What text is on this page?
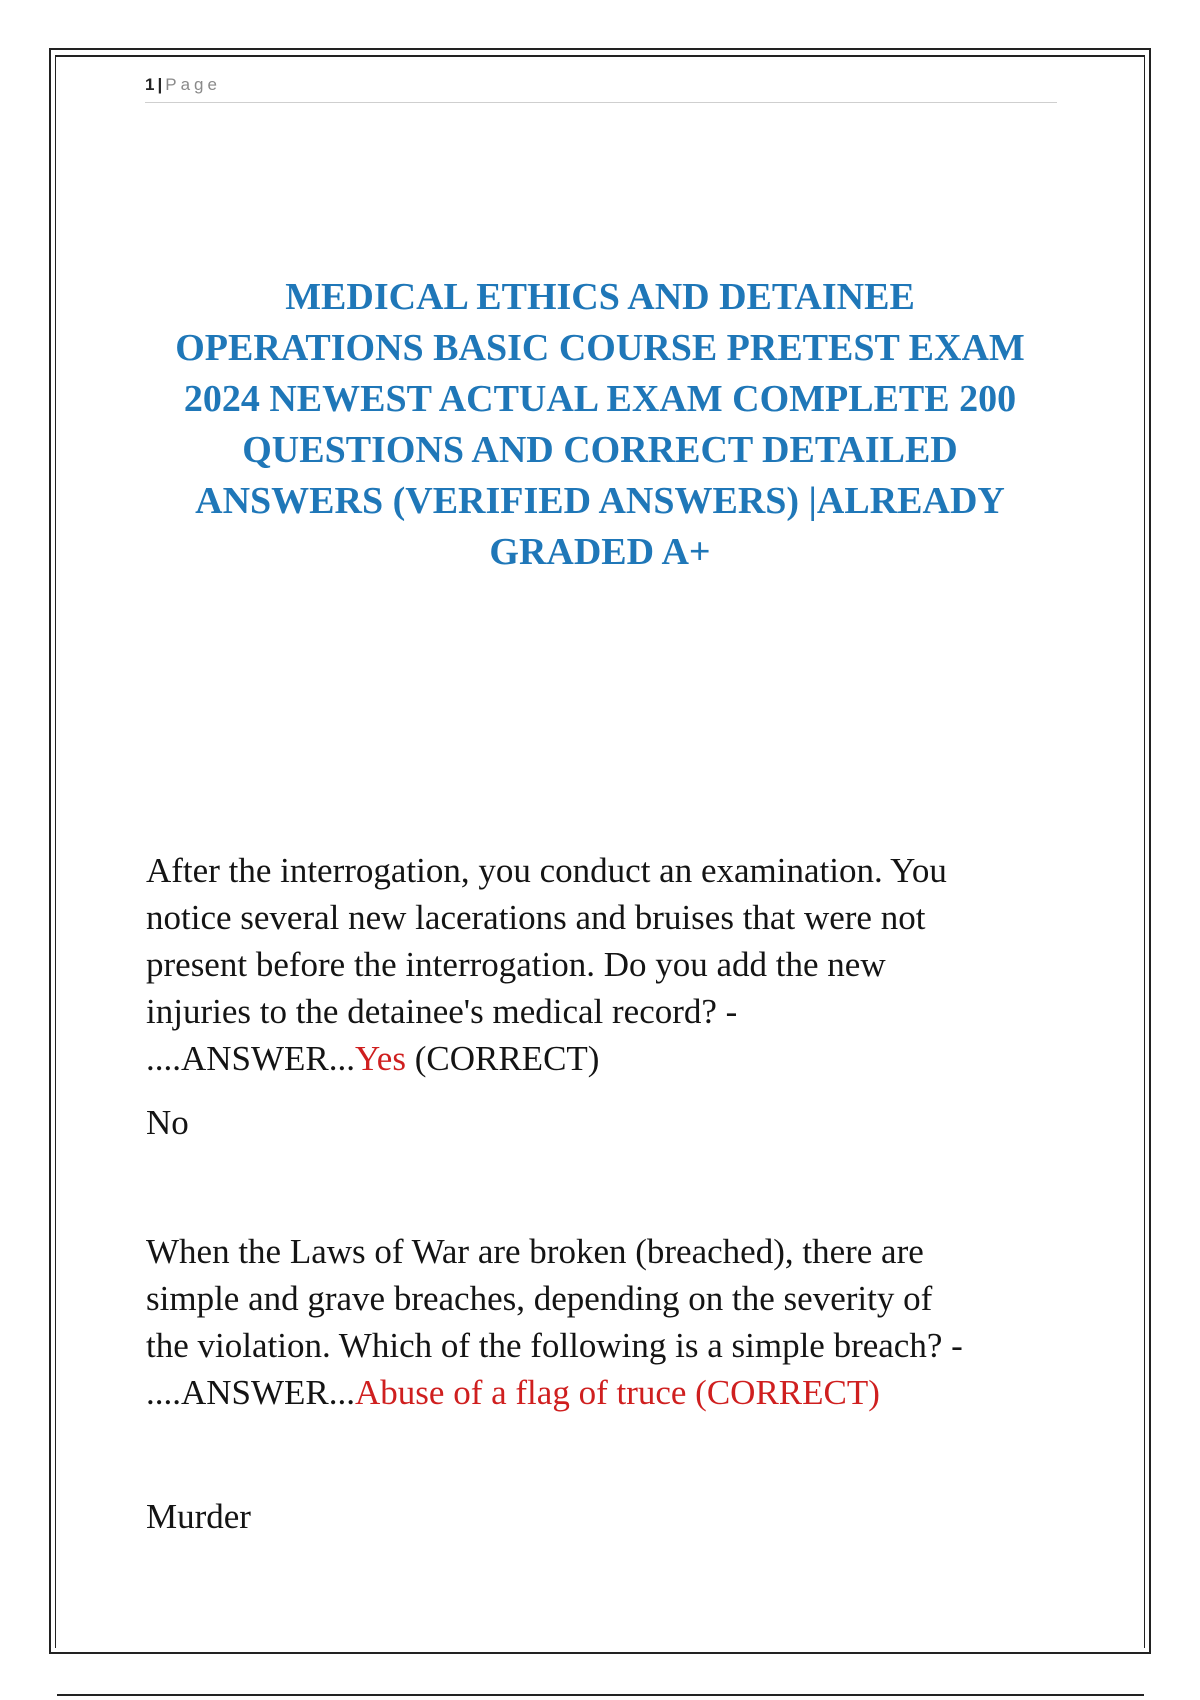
1 | Page
MEDICAL ETHICS AND DETAINEE
OPERATIONS BASIC COURSE PRETEST EXAM
2024 NEWEST ACTUAL EXAM COMPLETE 200
QUESTIONS AND CORRECT DETAILED
ANSWERS (VERIFIED ANSWERS) |ALREADY
GRADED A+

After the interrogation, you conduct an examination. You
notice several new lacerations and bruises that were not
present before the interrogation. Do you add the new
injuries to the detainee's medical record? -
....ANSWER...Yes (CORRECT)

No

When the Laws of War are broken (breached), there are
simple and grave breaches, depending on the severity of
the violation. Which of the following is a simple breach? -
....ANSWER...Abuse of a flag of truce (CORRECT)

Murder
